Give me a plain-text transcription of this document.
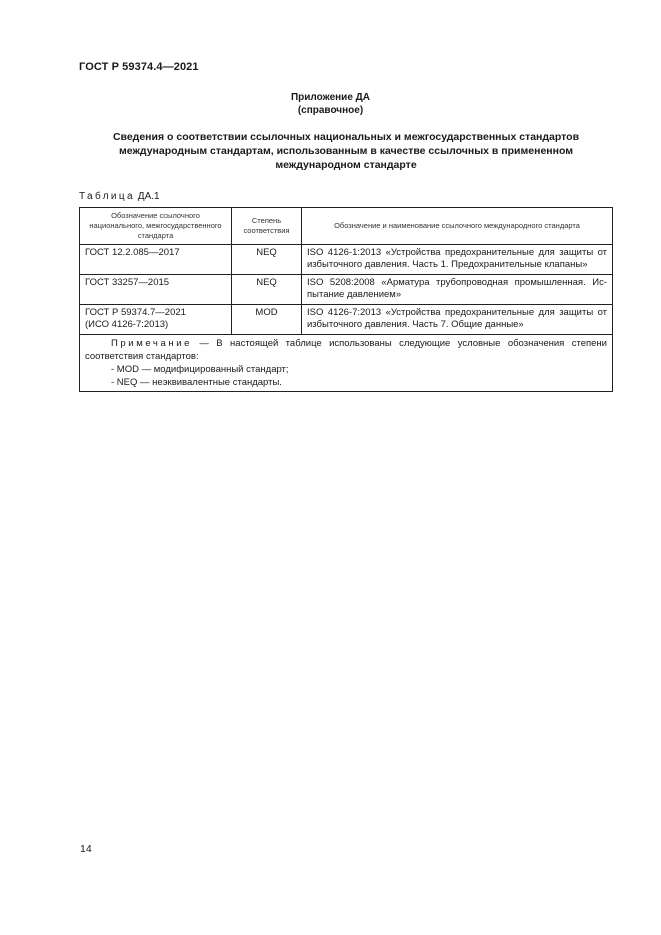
ГОСТ Р 59374.4—2021
Приложение ДА
(справочное)
Сведения о соответствии ссылочных национальных и межгосударственных стандартов
международным стандартам, использованным в качестве ссылочных в примененном
международном стандарте
Таблица ДА.1
Обозначение ссылочного национального, межгосударственного стандарта	Степень соответствия	Обозначение и наименование ссылочного международного стандарта

ГОСТ 12.2.085—2017	NEQ	ISO 4126-1:2013 «Устройства предохранительные для защиты от избыточного давления. Часть 1. Предохранительные клапаны»

ГОСТ 33257—2015	NEQ	ISO 5208:2008 «Арматура трубопроводная промышленная. Ис-пытание давлением»

ГОСТ Р 59374.7—2021
(ИСО 4126-7:2013)	MOD	ISO 4126-7:2013 «Устройства предохранительные для защиты от избыточного давления. Часть 7. Общие данные»

Примечание — В настоящей таблице использованы следующие условные обозначения степени соответствия стандартов:
- MOD — модифицированный стандарт;
- NEQ — неэквивалентные стандарты.		
14
